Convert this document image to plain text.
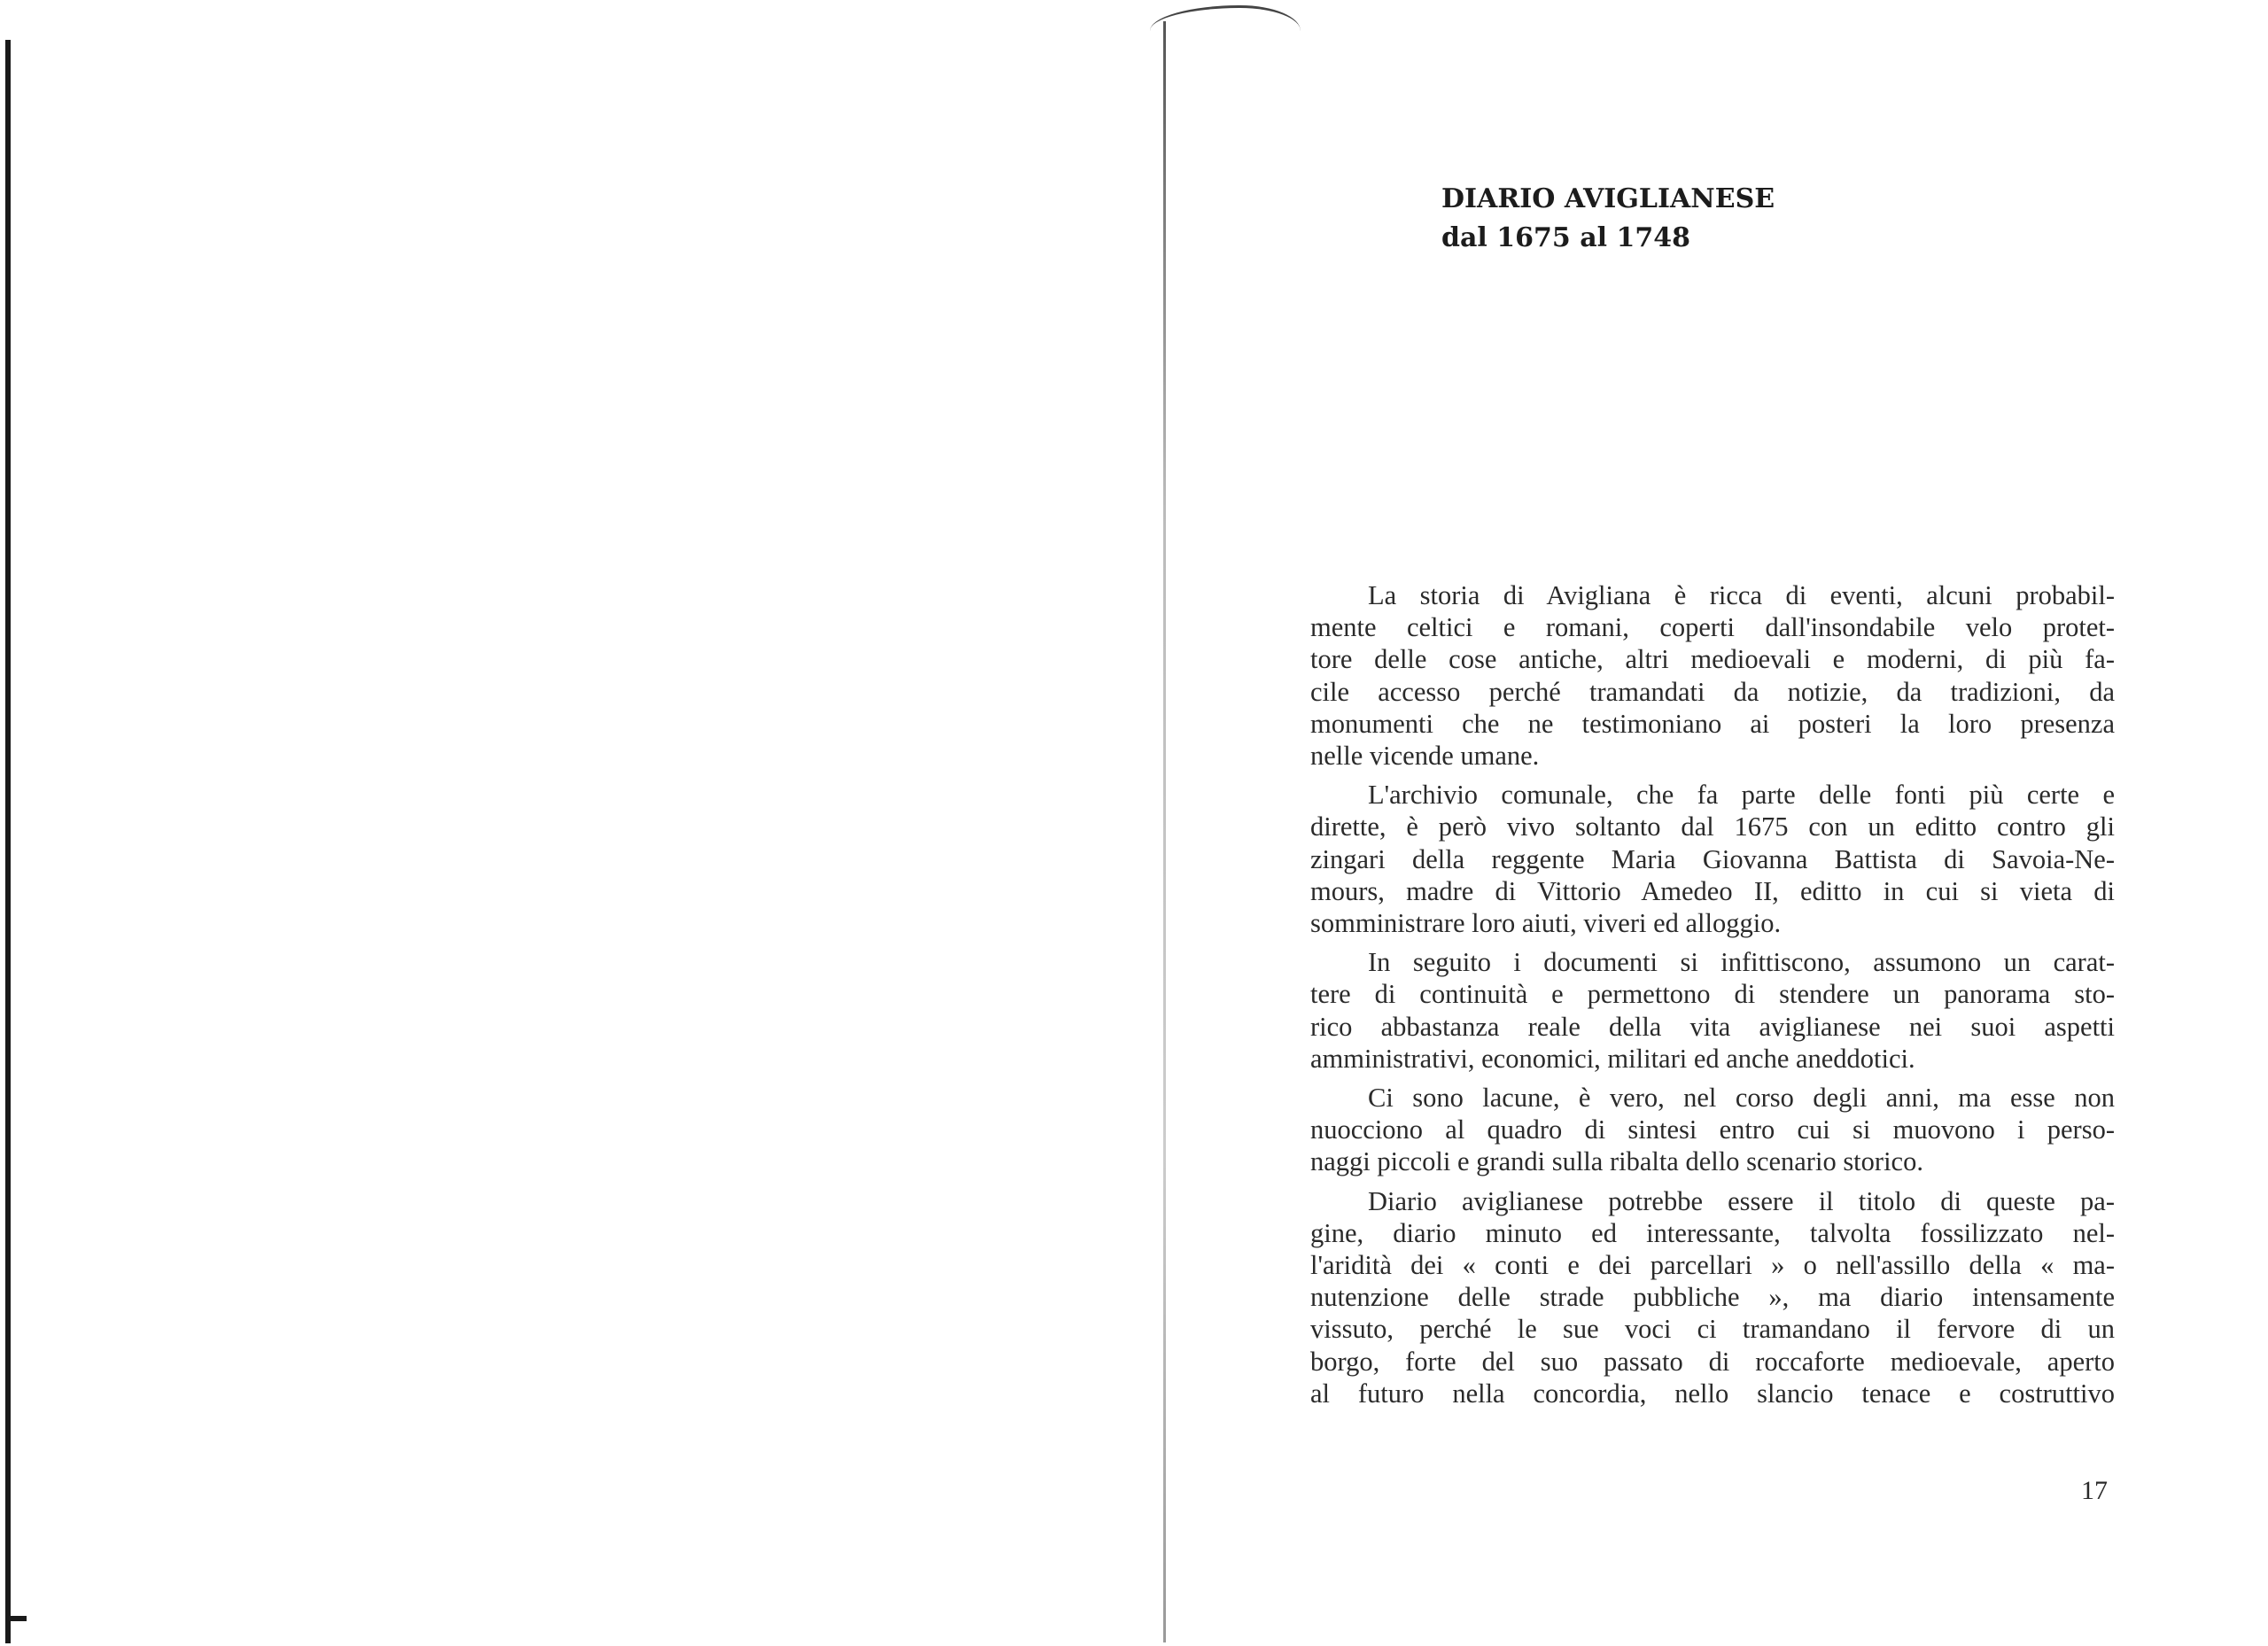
DIARIO AVIGLIANESE
dal 1675 al 1748

La storia di Avigliana è ricca di eventi, alcuni probabil-
mente celtici e romani, coperti dall'insondabile velo protet-
tore delle cose antiche, altri medioevali e moderni, di più fa-
cile accesso perché tramandati da notizie, da tradizioni, da
monumenti che ne testimoniano ai posteri la loro presenza
nelle vicende umane.

L'archivio comunale, che fa parte delle fonti più certe e
dirette, è però vivo soltanto dal 1675 con un editto contro gli
zingari della reggente Maria Giovanna Battista di Savoia-Ne-
mours, madre di Vittorio Amedeo II, editto in cui si vieta di
somministrare loro aiuti, viveri ed alloggio.

In seguito i documenti si infittiscono, assumono un carat-
tere di continuità e permettono di stendere un panorama sto-
rico abbastanza reale della vita aviglianese nei suoi aspetti
amministrativi, economici, militari ed anche aneddotici.

Ci sono lacune, è vero, nel corso degli anni, ma esse non
nuocciono al quadro di sintesi entro cui si muovono i perso-
naggi piccoli e grandi sulla ribalta dello scenario storico.

Diario aviglianese potrebbe essere il titolo di queste pa-
gine, diario minuto ed interessante, talvolta fossilizzato nel-
l'aridità dei « conti e dei parcellari » o nell'assillo della « ma-
nutenzione delle strade pubbliche », ma diario intensamente
vissuto, perché le sue voci ci tramandano il fervore di un
borgo, forte del suo passato di roccaforte medioevale, aperto
al futuro nella concordia, nello slancio tenace e costruttivo

17
